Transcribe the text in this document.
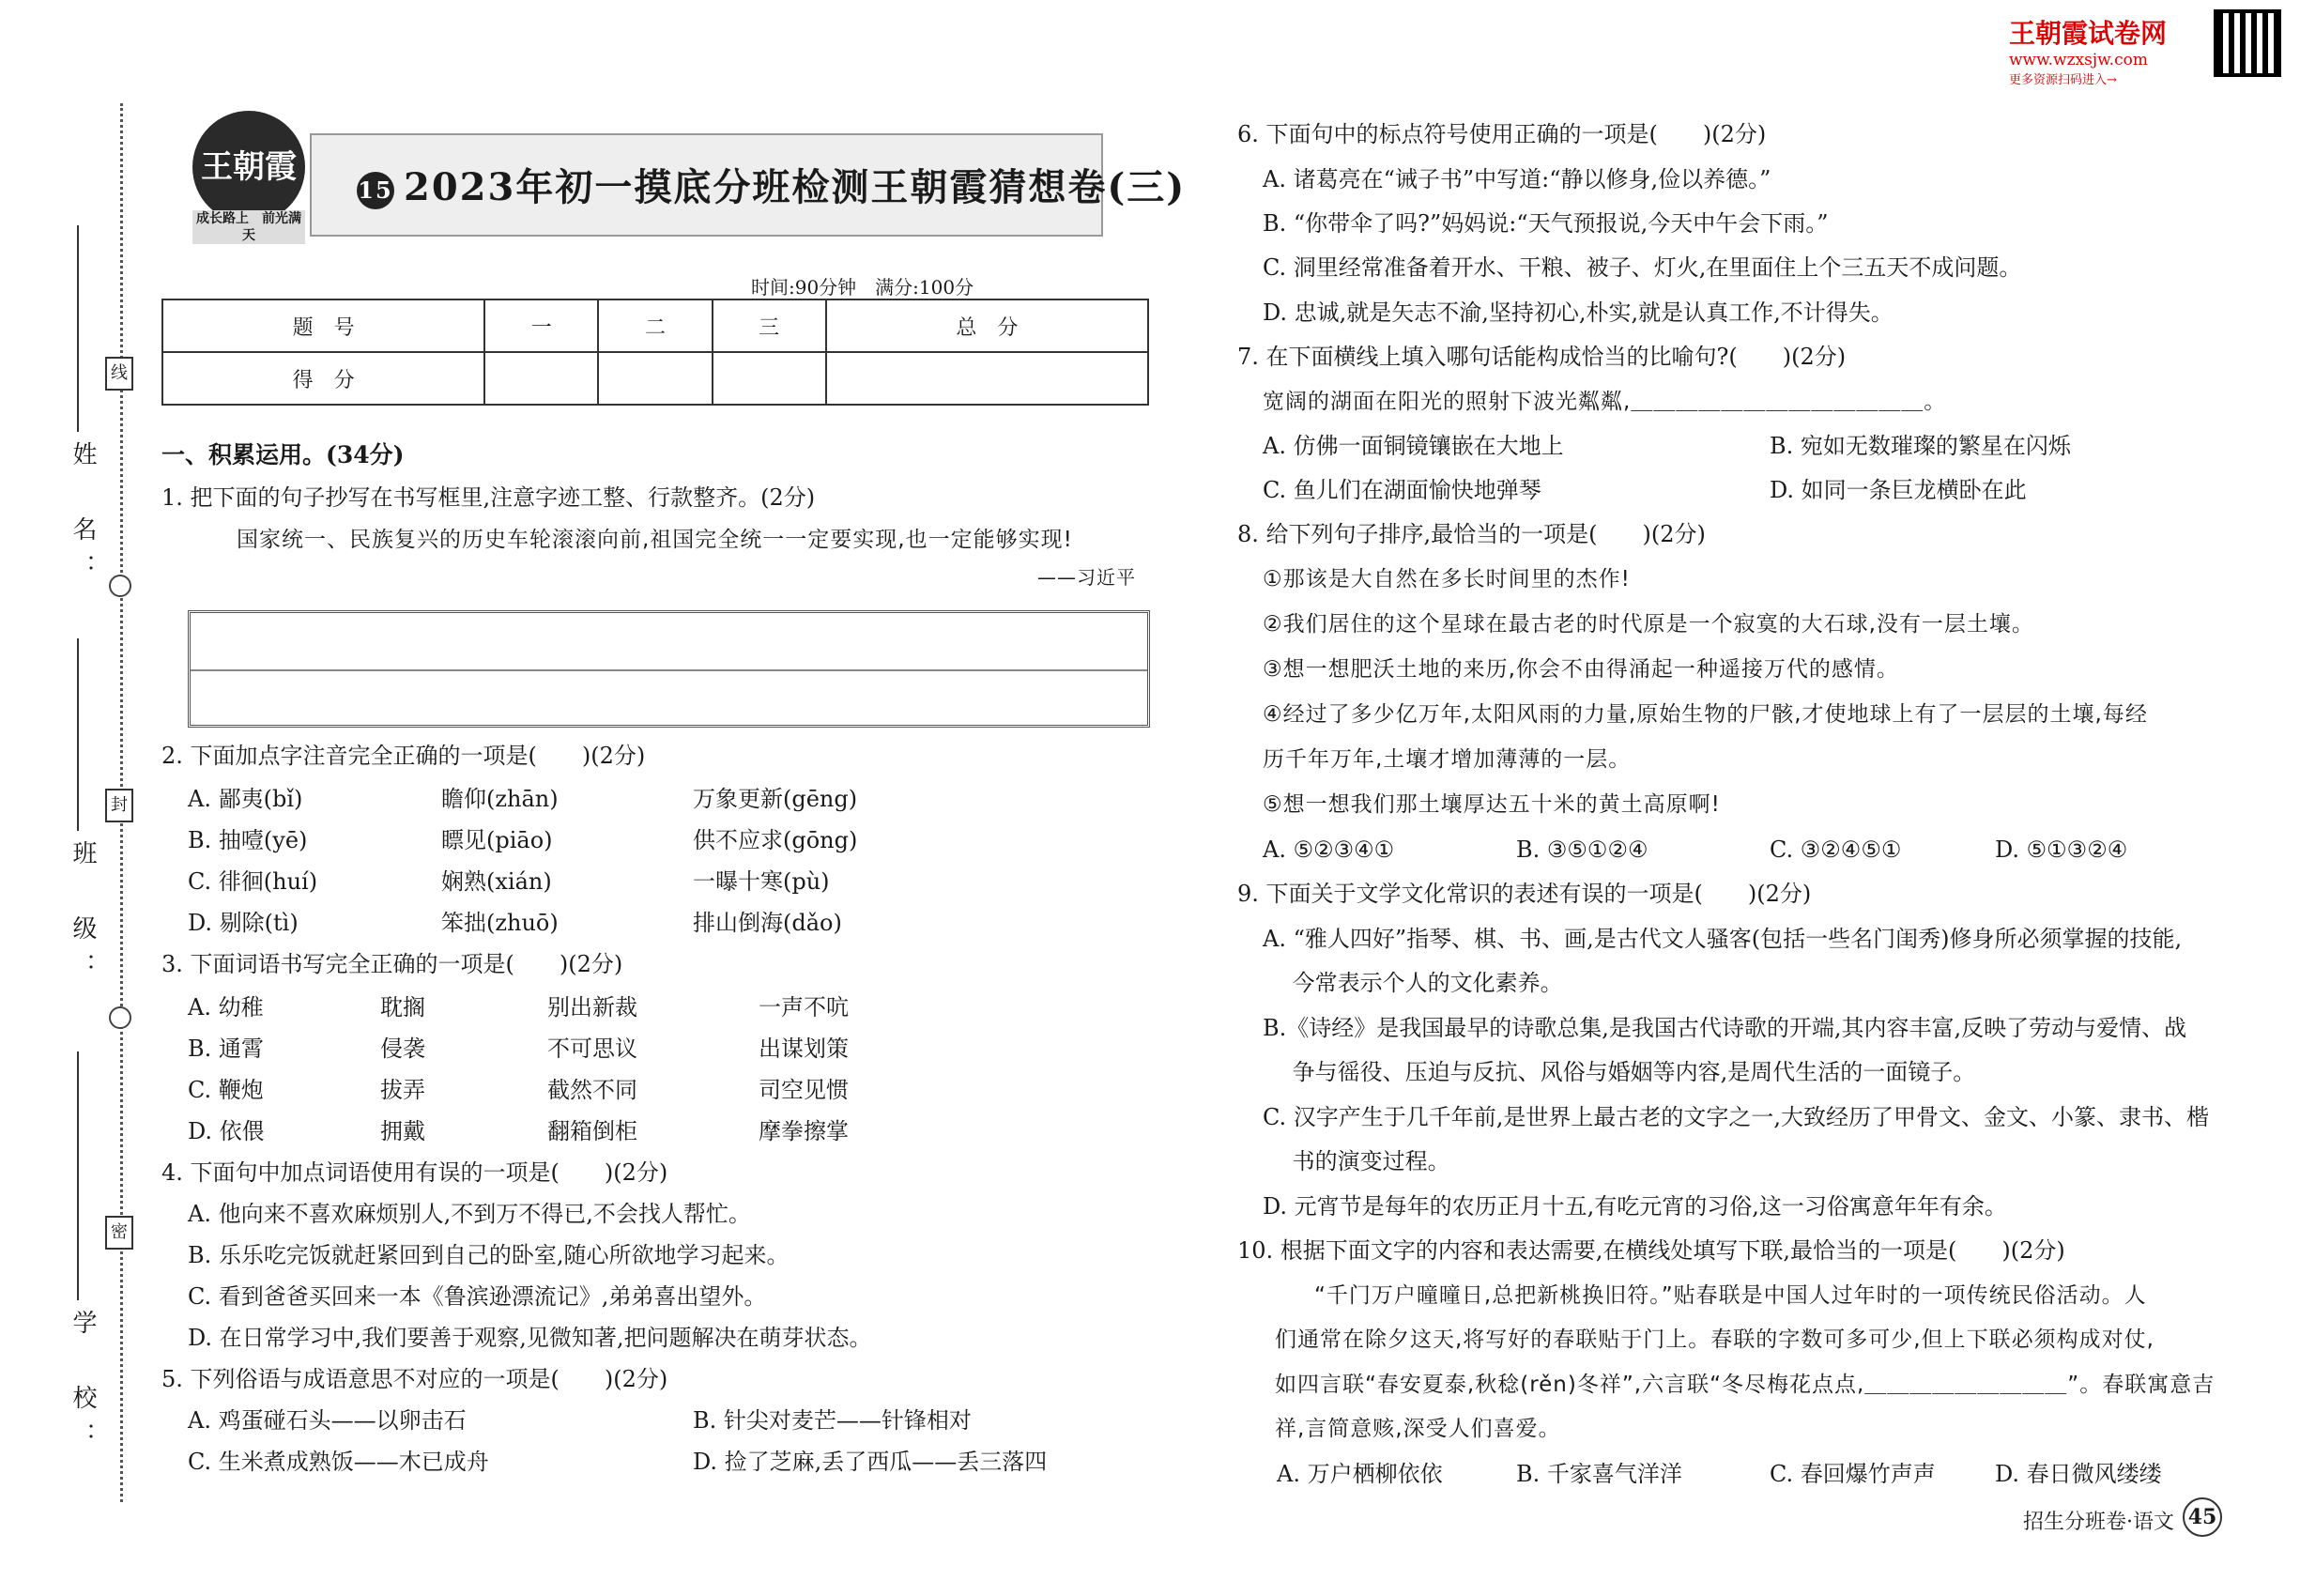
姓　名：
班　级：
学　校：
线
封
密
王朝霞试卷网
www.wzxsjw.com
更多资源扫码进入→
王朝霞
成长路上　前光满天
15 2023年初一摸底分班检测王朝霞猜想卷(三)
时间:90分钟　满分:100分
题　号	一	二	三	总　分
得　分				
一、积累运用。(34分)
1. 把下面的句子抄写在书写框里,注意字迹工整、行款整齐。(2分)
国家统一、民族复兴的历史车轮滚滚向前,祖国完全统一一定要实现,也一定能够实现!
——习近平
2. 下面加点字注音完全正确的一项是(　　)(2分)
A. 鄙夷(bǐ)	瞻仰(zhān)	万象更新(gēng)
B. 抽噎(yē)	瞟见(piāo)	供不应求(gōng)
C. 徘徊(huí)	娴熟(xián)	一曝十寒(pù)
D. 剔除(tì)	笨拙(zhuō)	排山倒海(dǎo)
3. 下面词语书写完全正确的一项是(　　)(2分)
A. 幼稚	耽搁	别出新裁	一声不吭
B. 通霄	侵袭	不可思议	出谋划策
C. 鞭炮	拔弄	截然不同	司空见惯
D. 依偎	拥戴	翻箱倒柜	摩拳擦掌
4. 下面句中加点词语使用有误的一项是(　　)(2分)
A. 他向来不喜欢麻烦别人,不到万不得已,不会找人帮忙。
B. 乐乐吃完饭就赶紧回到自己的卧室,随心所欲地学习起来。
C. 看到爸爸买回来一本《鲁滨逊漂流记》,弟弟喜出望外。
D. 在日常学习中,我们要善于观察,见微知著,把问题解决在萌芽状态。
5. 下列俗语与成语意思不对应的一项是(　　)(2分)
A. 鸡蛋碰石头——以卵击石	B. 针尖对麦芒——针锋相对
C. 生米煮成熟饭——木已成舟	D. 捡了芝麻,丢了西瓜——丢三落四
6. 下面句中的标点符号使用正确的一项是(　　)(2分)
A. 诸葛亮在“诫子书”中写道:“静以修身,俭以养德。”
B. “你带伞了吗?”妈妈说:“天气预报说,今天中午会下雨。”
C. 洞里经常准备着开水、干粮、被子、灯火,在里面住上个三五天不成问题。
D. 忠诚,就是矢志不渝,坚持初心,朴实,就是认真工作,不计得失。
7. 在下面横线上填入哪句话能构成恰当的比喻句?(　　)(2分)
宽阔的湖面在阳光的照射下波光粼粼,＿＿＿＿＿＿＿＿＿＿＿＿＿。
A. 仿佛一面铜镜镶嵌在大地上	B. 宛如无数璀璨的繁星在闪烁
C. 鱼儿们在湖面愉快地弹琴	D. 如同一条巨龙横卧在此
8. 给下列句子排序,最恰当的一项是(　　)(2分)
①那该是大自然在多长时间里的杰作!
②我们居住的这个星球在最古老的时代原是一个寂寞的大石球,没有一层土壤。
③想一想肥沃土地的来历,你会不由得涌起一种遥接万代的感情。
④经过了多少亿万年,太阳风雨的力量,原始生物的尸骸,才使地球上有了一层层的土壤,每经
历千年万年,土壤才增加薄薄的一层。
⑤想一想我们那土壤厚达五十米的黄土高原啊!
A. ⑤②③④①	B. ③⑤①②④	C. ③②④⑤①	D. ⑤①③②④
9. 下面关于文学文化常识的表述有误的一项是(　　)(2分)
A. “雅人四好”指琴、棋、书、画,是古代文人骚客(包括一些名门闺秀)修身所必须掌握的技能,
　 今常表示个人的文化素养。
B.《诗经》是我国最早的诗歌总集,是我国古代诗歌的开端,其内容丰富,反映了劳动与爱情、战
　 争与徭役、压迫与反抗、风俗与婚姻等内容,是周代生活的一面镜子。
C. 汉字产生于几千年前,是世界上最古老的文字之一,大致经历了甲骨文、金文、小篆、隶书、楷
　 书的演变过程。
D. 元宵节是每年的农历正月十五,有吃元宵的习俗,这一习俗寓意年年有余。
10. 根据下面文字的内容和表达需要,在横线处填写下联,最恰当的一项是(　　)(2分)
“千门万户曈曈日,总把新桃换旧符。”贴春联是中国人过年时的一项传统民俗活动。人
们通常在除夕这天,将写好的春联贴于门上。春联的字数可多可少,但上下联必须构成对仗,
如四言联“春安夏泰,秋稔(rěn)冬祥”,六言联“冬尽梅花点点,＿＿＿＿＿＿＿＿＿”。春联寓意吉
祥,言简意赅,深受人们喜爱。
A. 万户栖柳依依	B. 千家喜气洋洋	C. 春回爆竹声声	D. 春日微风缕缕
招生分班卷·语文 45
